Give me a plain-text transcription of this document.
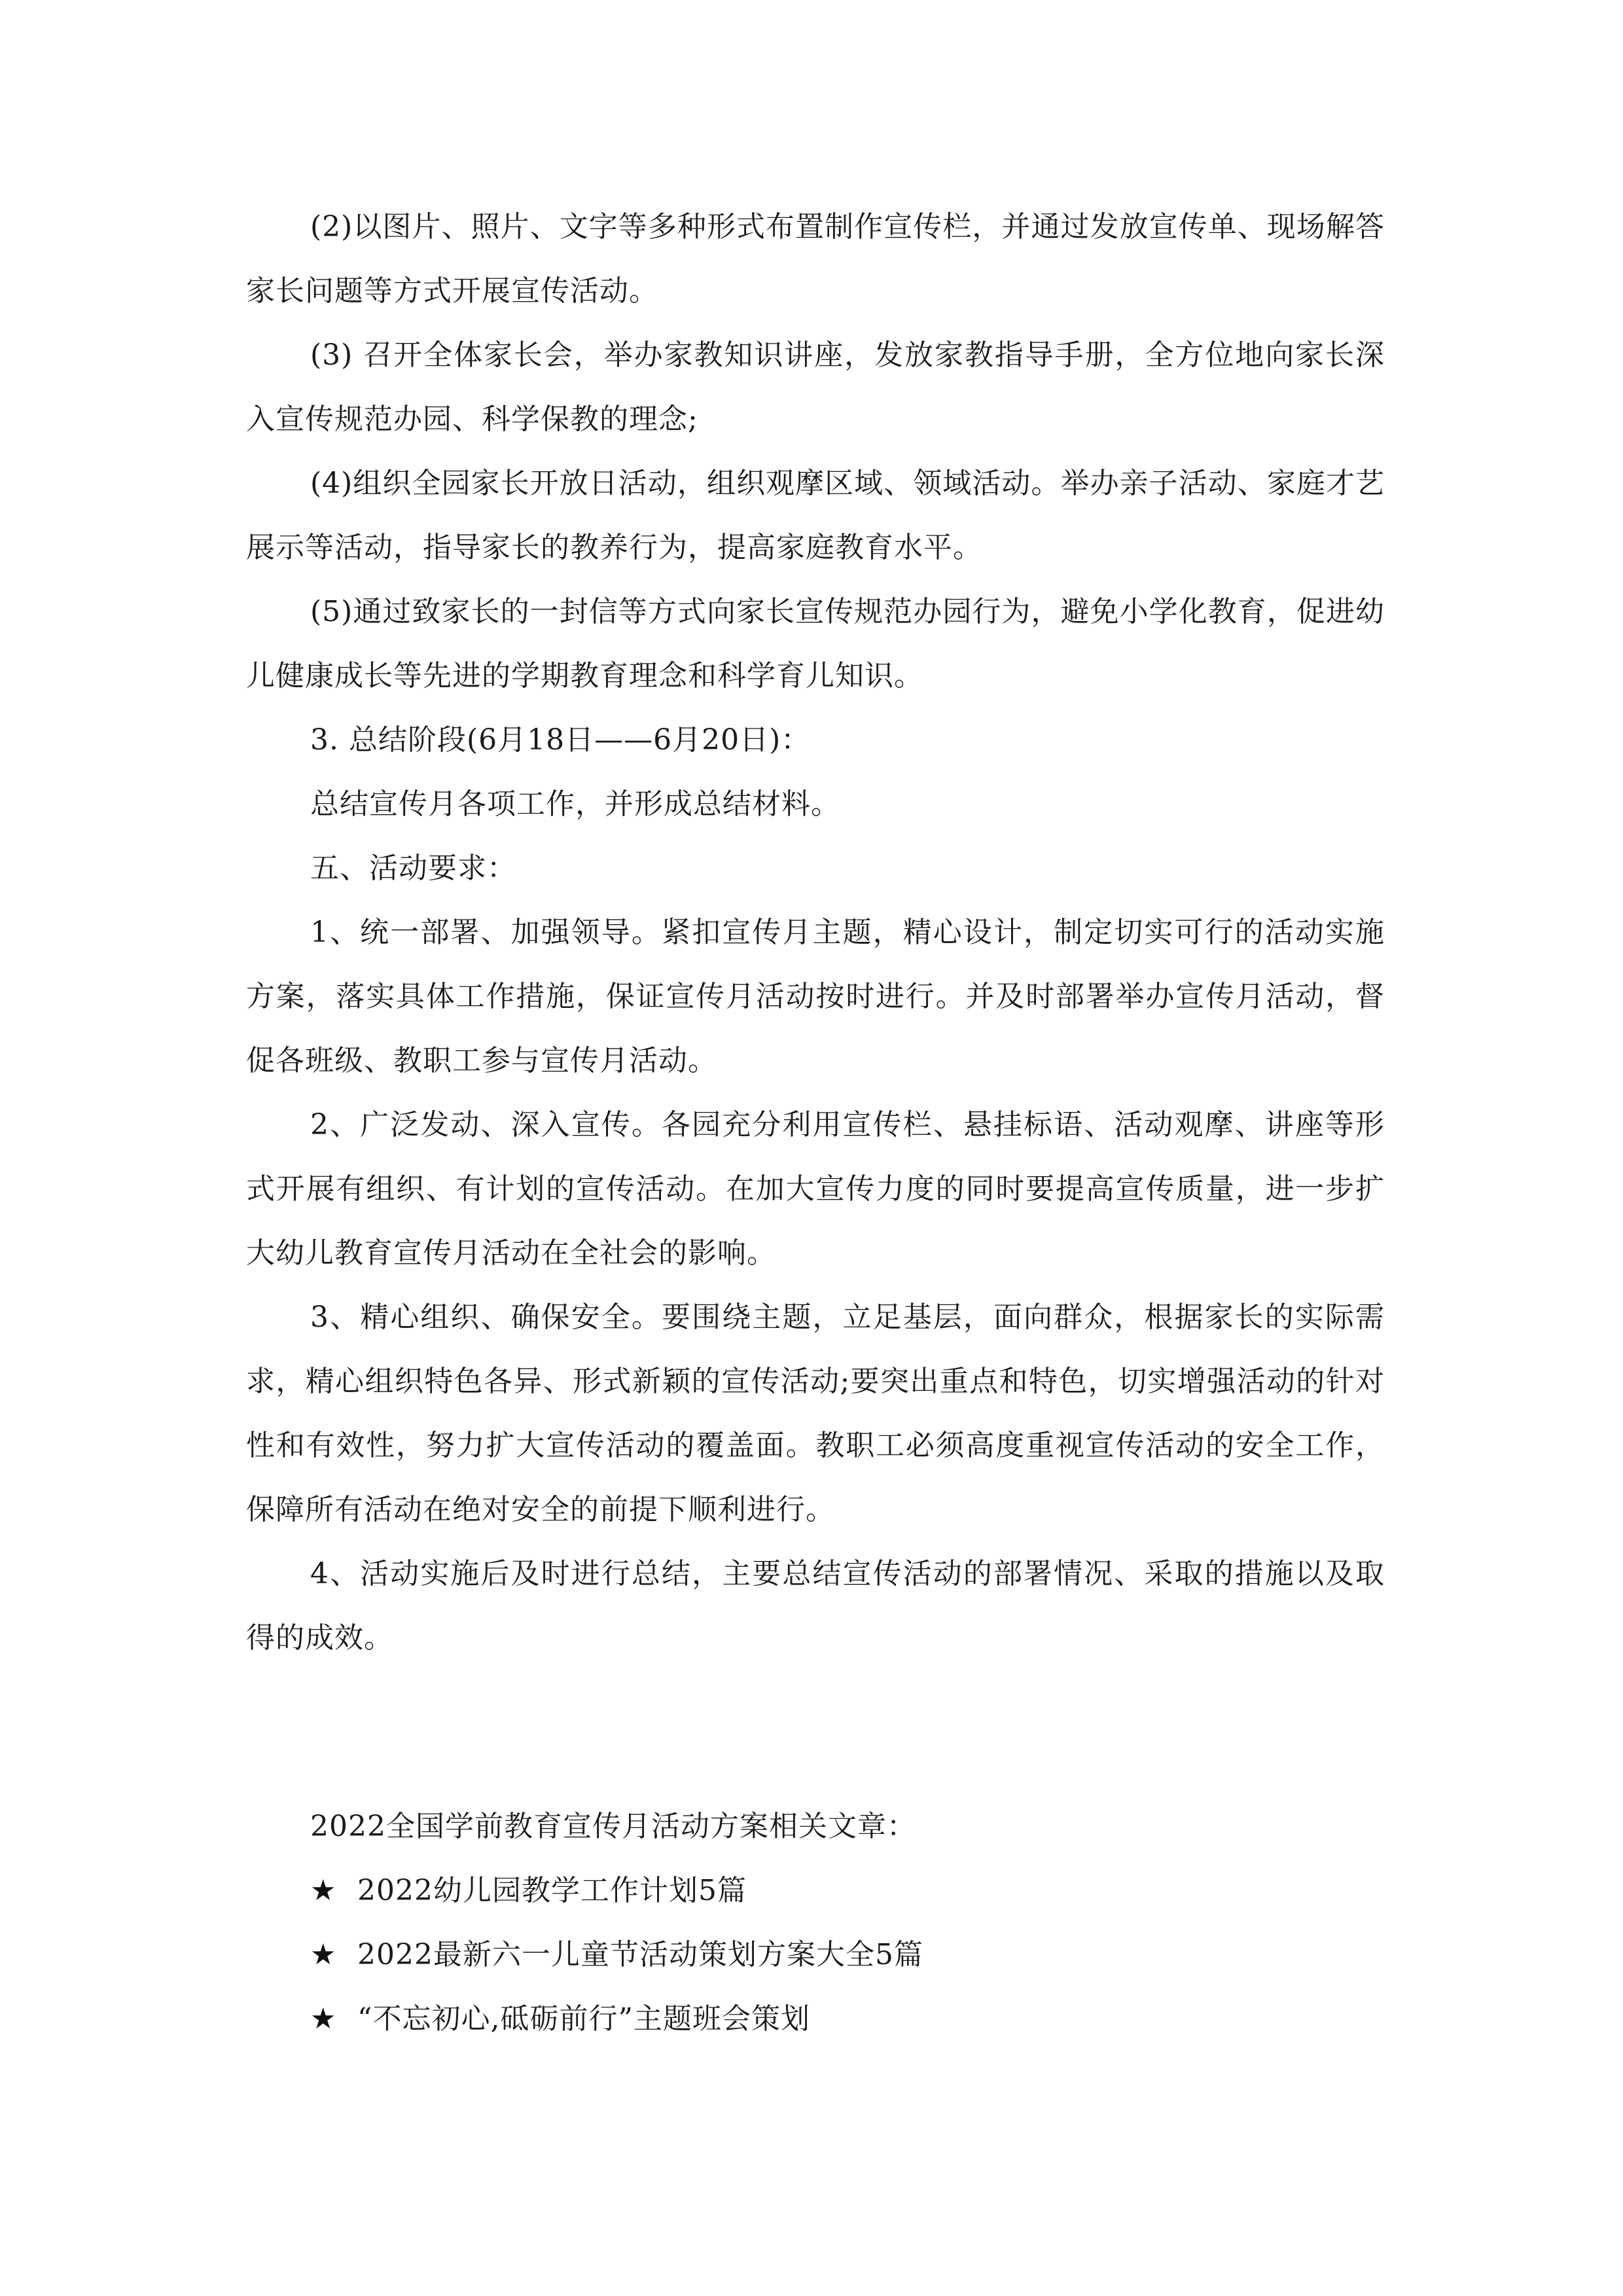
(2)以图片、照片、文字等多种形式布置制作宣传栏，并通过发放宣传单、现场解答家长问题等方式开展宣传活动。

(3) 召开全体家长会，举办家教知识讲座，发放家教指导手册，全方位地向家长深入宣传规范办园、科学保教的理念;

(4)组织全园家长开放日活动，组织观摩区域、领域活动。举办亲子活动、家庭才艺展示等活动，指导家长的教养行为，提高家庭教育水平。

(5)通过致家长的一封信等方式向家长宣传规范办园行为，避免小学化教育，促进幼儿健康成长等先进的学期教育理念和科学育儿知识。

3. 总结阶段(6月18日——6月20日)：

总结宣传月各项工作，并形成总结材料。

五、活动要求：

1、统一部署、加强领导。紧扣宣传月主题，精心设计，制定切实可行的活动实施方案，落实具体工作措施，保证宣传月活动按时进行。并及时部署举办宣传月活动，督促各班级、教职工参与宣传月活动。

2、广泛发动、深入宣传。各园充分利用宣传栏、悬挂标语、活动观摩、讲座等形式开展有组织、有计划的宣传活动。在加大宣传力度的同时要提高宣传质量，进一步扩大幼儿教育宣传月活动在全社会的影响。

3、精心组织、确保安全。要围绕主题，立足基层，面向群众，根据家长的实际需求，精心组织特色各异、形式新颖的宣传活动;要突出重点和特色，切实增强活动的针对性和有效性，努力扩大宣传活动的覆盖面。教职工必须高度重视宣传活动的安全工作，保障所有活动在绝对安全的前提下顺利进行。

4、活动实施后及时进行总结，主要总结宣传活动的部署情况、采取的措施以及取得的成效。

2022全国学前教育宣传月活动方案相关文章：

★ 2022幼儿园教学工作计划5篇
★ 2022最新六一儿童节活动策划方案大全5篇
★ “不忘初心,砥砺前行”主题班会策划
